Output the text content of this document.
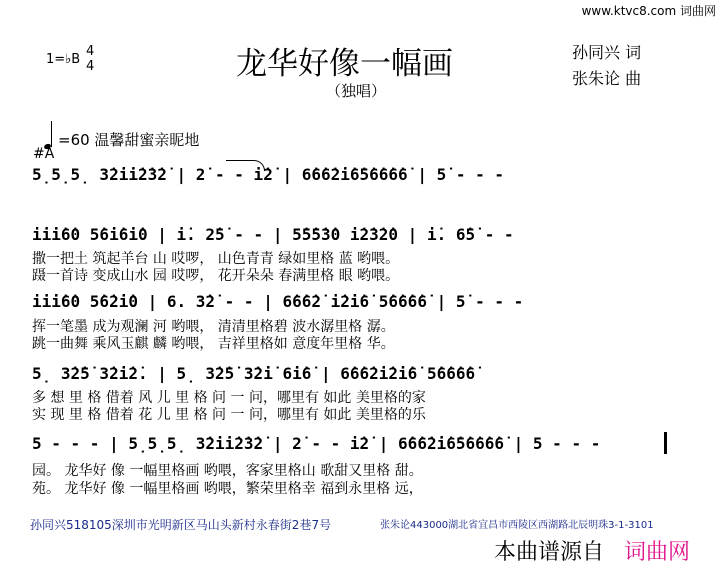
www.ktvc8.com 词曲网
1=♭B
4
4	龙华好像一幅画
（独唱）
孙同兴 词
张朱论 曲
=60 温馨甜蜜亲昵地
#A
5̣5̣5̣ 3̇2̇i̇i̇2̇3̇2̇ | 2̇ - - i̇2̇ | 6̇6̇6̇2̇i̇6̇5̇6̇6̇6̇6̇ | 5̇ - - -
i̇i̇i̇6̇0 5̇6̇i̇6̇i̇0 | i̇. 2̇5̇ - - | 5̇5̇5̇3̇0 i̇2̇3̇2̇0 | i̇. 6̇5̇ - -
撒一把土 筑起羊台 山 哎啰， 山色青青 绿如里格 蓝 哟喂。
蹑一首诗 变成山水 园 哎啰， 花开朵朵 春满里格 眼 哟喂。
i̇i̇i̇6̇0 5̇6̇2̇i̇0 | 6. 3̇2̇ - - | 6̇6̇6̇2̇ i̇2̇i̇6̇ 5̇6̇6̇6̇6̇ | 5̇ - - -
挥一笔墨 成为观澜 河 哟喂， 清清里格碧 波水潺里格 潺。
跳一曲舞 乘风玉麒 麟 哟喂， 吉祥里格如 意度年里格 华。
5̣ 3̇2̇5̇ 3̇2̇i̇2̇. | 5̣ 3̇2̇5̇ 3̇2̇i̇ 6̇i̇6̇ | 6̇6̇6̇2̇i̇2̇i̇6̇ 5̇6̇6̇6̇6̇
多 想 里 格 借着 风 儿 里 格 问 一 问，哪里有 如此 美里格的家
实 现 里 格 借着 花 儿 里 格 问 一 问，哪里有 如此 美里格的乐
5 - - - | 5̣5̣5̣ 3̇2̇i̇i̇2̇3̇2̇ | 2̇ - - i̇2̇ | 6̇6̇6̇2̇i̇6̇5̇6̇6̇6̇6̇ | 5 - - -
园。 龙华好 像 一幅里格画 哟喂，客家里格山 歌甜又里格 甜。
苑。 龙华好 像 一幅里格画 哟喂，繁荣里格幸 福到永里格 远，
孙同兴518105深圳市光明新区马山头新村永春街2巷7号	张朱论443000湖北省宜昌市西陵区西湖路北辰明珠3-1-3101
本曲谱源自 词曲网
